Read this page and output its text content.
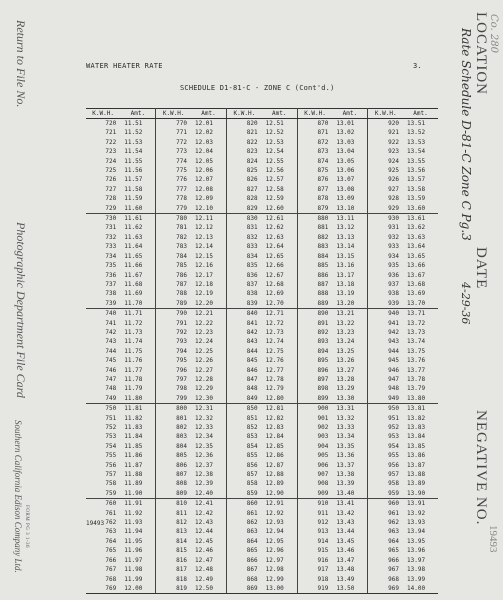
Return to File No.
Photographic Department File Card
Southern California Edison Company Ltd. FORM PG 3 1-36
Co. 280
LOCATION
Rate Schedule D-81-C Zone C Pg.3
DATE
4-29-36
NEGATIVE NO.
19493
WATER HEATER RATE	3.
SCHEDULE D1-81-C - ZONE C (Cont'd.)
K.W.H.	Amt.	K.W.H.	Amt.	K.W.H.	Amt.	K.W.H.	Amt.	K.W.H.	Amt.
720	11.51	770	12.01	820	12.51	870	13.01	920	13.51
721	11.52	771	12.02	821	12.52	871	13.02	921	13.52
722	11.53	772	12.03	822	12.53	872	13.03	922	13.53
723	11.54	773	12.04	823	12.54	873	13.04	923	13.54
724	11.55	774	12.05	824	12.55	874	13.05	924	13.55
725	11.56	775	12.06	825	12.56	875	13.06	925	13.56
726	11.57	776	12.07	826	12.57	876	13.07	926	13.57
727	11.58	777	12.08	827	12.58	877	13.08	927	13.58
728	11.59	778	12.09	828	12.59	878	13.09	928	13.59
729	11.60	779	12.10	829	12.60	879	13.10	929	13.60
730	11.61	780	12.11	830	12.61	880	13.11	930	13.61
731	11.62	781	12.12	831	12.62	881	13.12	931	13.62
732	11.63	782	12.13	832	12.63	882	13.13	932	13.63
733	11.64	783	12.14	833	12.64	883	13.14	933	13.64
734	11.65	784	12.15	834	12.65	884	13.15	934	13.65
735	11.66	785	12.16	835	12.66	885	13.16	935	13.66
736	11.67	786	12.17	836	12.67	886	13.17	936	13.67
737	11.68	787	12.18	837	12.68	887	13.18	937	13.68
738	11.69	788	12.19	838	12.69	888	13.19	938	13.69
739	11.70	789	12.20	839	12.70	889	13.20	939	13.70
740	11.71	790	12.21	840	12.71	890	13.21	940	13.71
741	11.72	791	12.22	841	12.72	891	13.22	941	13.72
742	11.73	792	12.23	842	12.73	892	13.23	942	13.73
743	11.74	793	12.24	843	12.74	893	13.24	943	13.74
744	11.75	794	12.25	844	12.75	894	13.25	944	13.75
745	11.76	795	12.26	845	12.76	895	13.26	945	13.76
746	11.77	796	12.27	846	12.77	896	13.27	946	13.77
747	11.78	797	12.28	847	12.78	897	13.28	947	13.78
748	11.79	798	12.29	848	12.79	898	13.29	948	13.79
749	11.80	799	12.30	849	12.80	899	13.30	949	13.80
750	11.81	800	12.31	850	12.81	900	13.31	950	13.81
751	11.82	801	12.32	851	12.82	901	13.32	951	13.82
752	11.83	802	12.33	852	12.83	902	13.33	952	13.83
753	11.84	803	12.34	853	12.84	903	13.34	953	13.84
754	11.85	804	12.35	854	12.85	904	13.35	954	13.85
755	11.86	805	12.36	855	12.86	905	13.36	955	13.86
756	11.87	806	12.37	856	12.87	906	13.37	956	13.87
757	11.88	807	12.38	857	12.88	907	13.38	957	13.88
758	11.89	808	12.39	858	12.89	908	13.39	958	13.89
759	11.90	809	12.40	859	12.90	909	13.40	959	13.90
760	11.91	810	12.41	860	12.91	910	13.41	960	13.91
761	11.92	811	12.42	861	12.92	911	13.42	961	13.92
762	11.93	812	12.43	862	12.93	912	13.43	962	13.93
763	11.94	813	12.44	863	12.94	913	13.44	963	13.94
764	11.95	814	12.45	864	12.95	914	13.45	964	13.95
765	11.96	815	12.46	865	12.96	915	13.46	965	13.96
766	11.97	816	12.47	866	12.97	916	13.47	966	13.97
767	11.98	817	12.48	867	12.98	917	13.48	967	13.98
768	11.99	818	12.49	868	12.99	918	13.49	968	13.99
769	12.00	819	12.50	869	13.00	919	13.50	969	14.00
19493
